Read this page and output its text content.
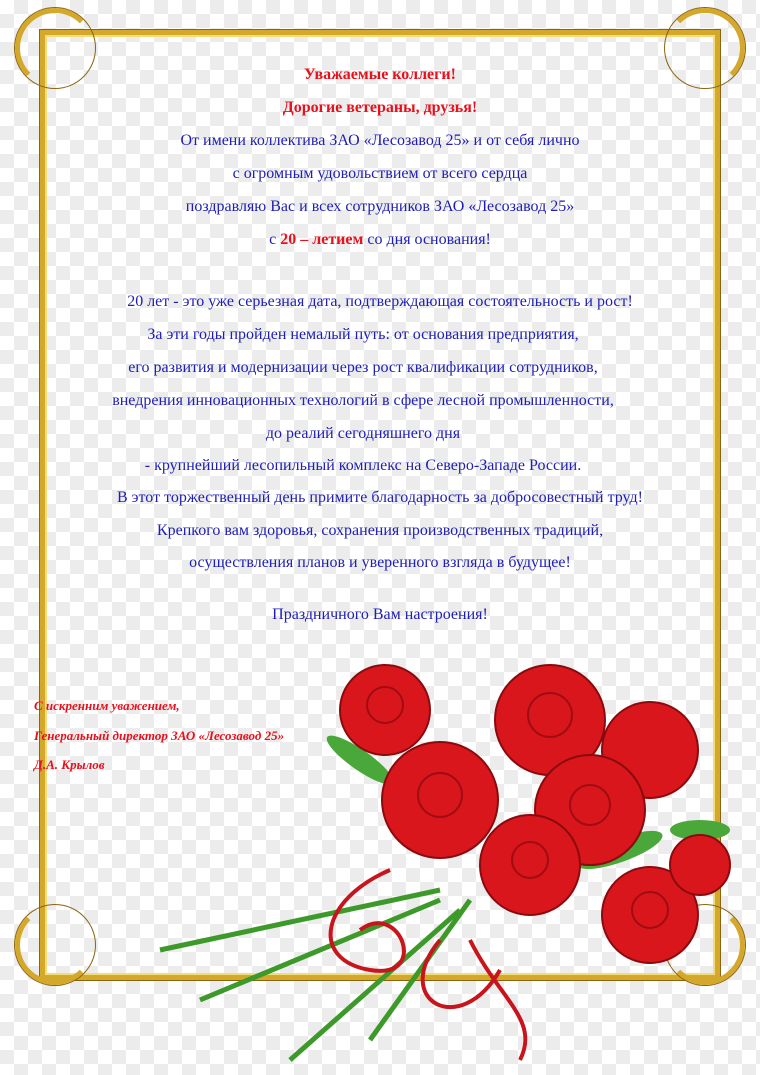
Уважаемые коллеги!
Дорогие ветераны, друзья!
От имени коллектива ЗАО «Лесозавод 25» и от себя лично
с огромным удовольствием от всего сердца
поздравляю Вас и всех сотрудников ЗАО «Лесозавод 25»
с 20 – летием со дня основания!
20 лет - это уже серьезная дата, подтверждающая состоятельность и рост!
За эти годы пройден немалый путь: от основания предприятия,
его развития и модернизации через рост квалификации сотрудников,
внедрения инновационных технологий в сфере лесной промышленности,
до реалий сегодняшнего дня
- крупнейший лесопильный комплекс на Северо-Западе России.
В этот торжественный день примите благодарность за добросовестный труд!
Крепкого вам здоровья, сохранения производственных традиций,
осуществления планов и уверенного взгляда в будущее!
Праздничного Вам настроения!
С искренним уважением,
Генеральный директор ЗАО «Лесозавод 25»
Д.А. Крылов
